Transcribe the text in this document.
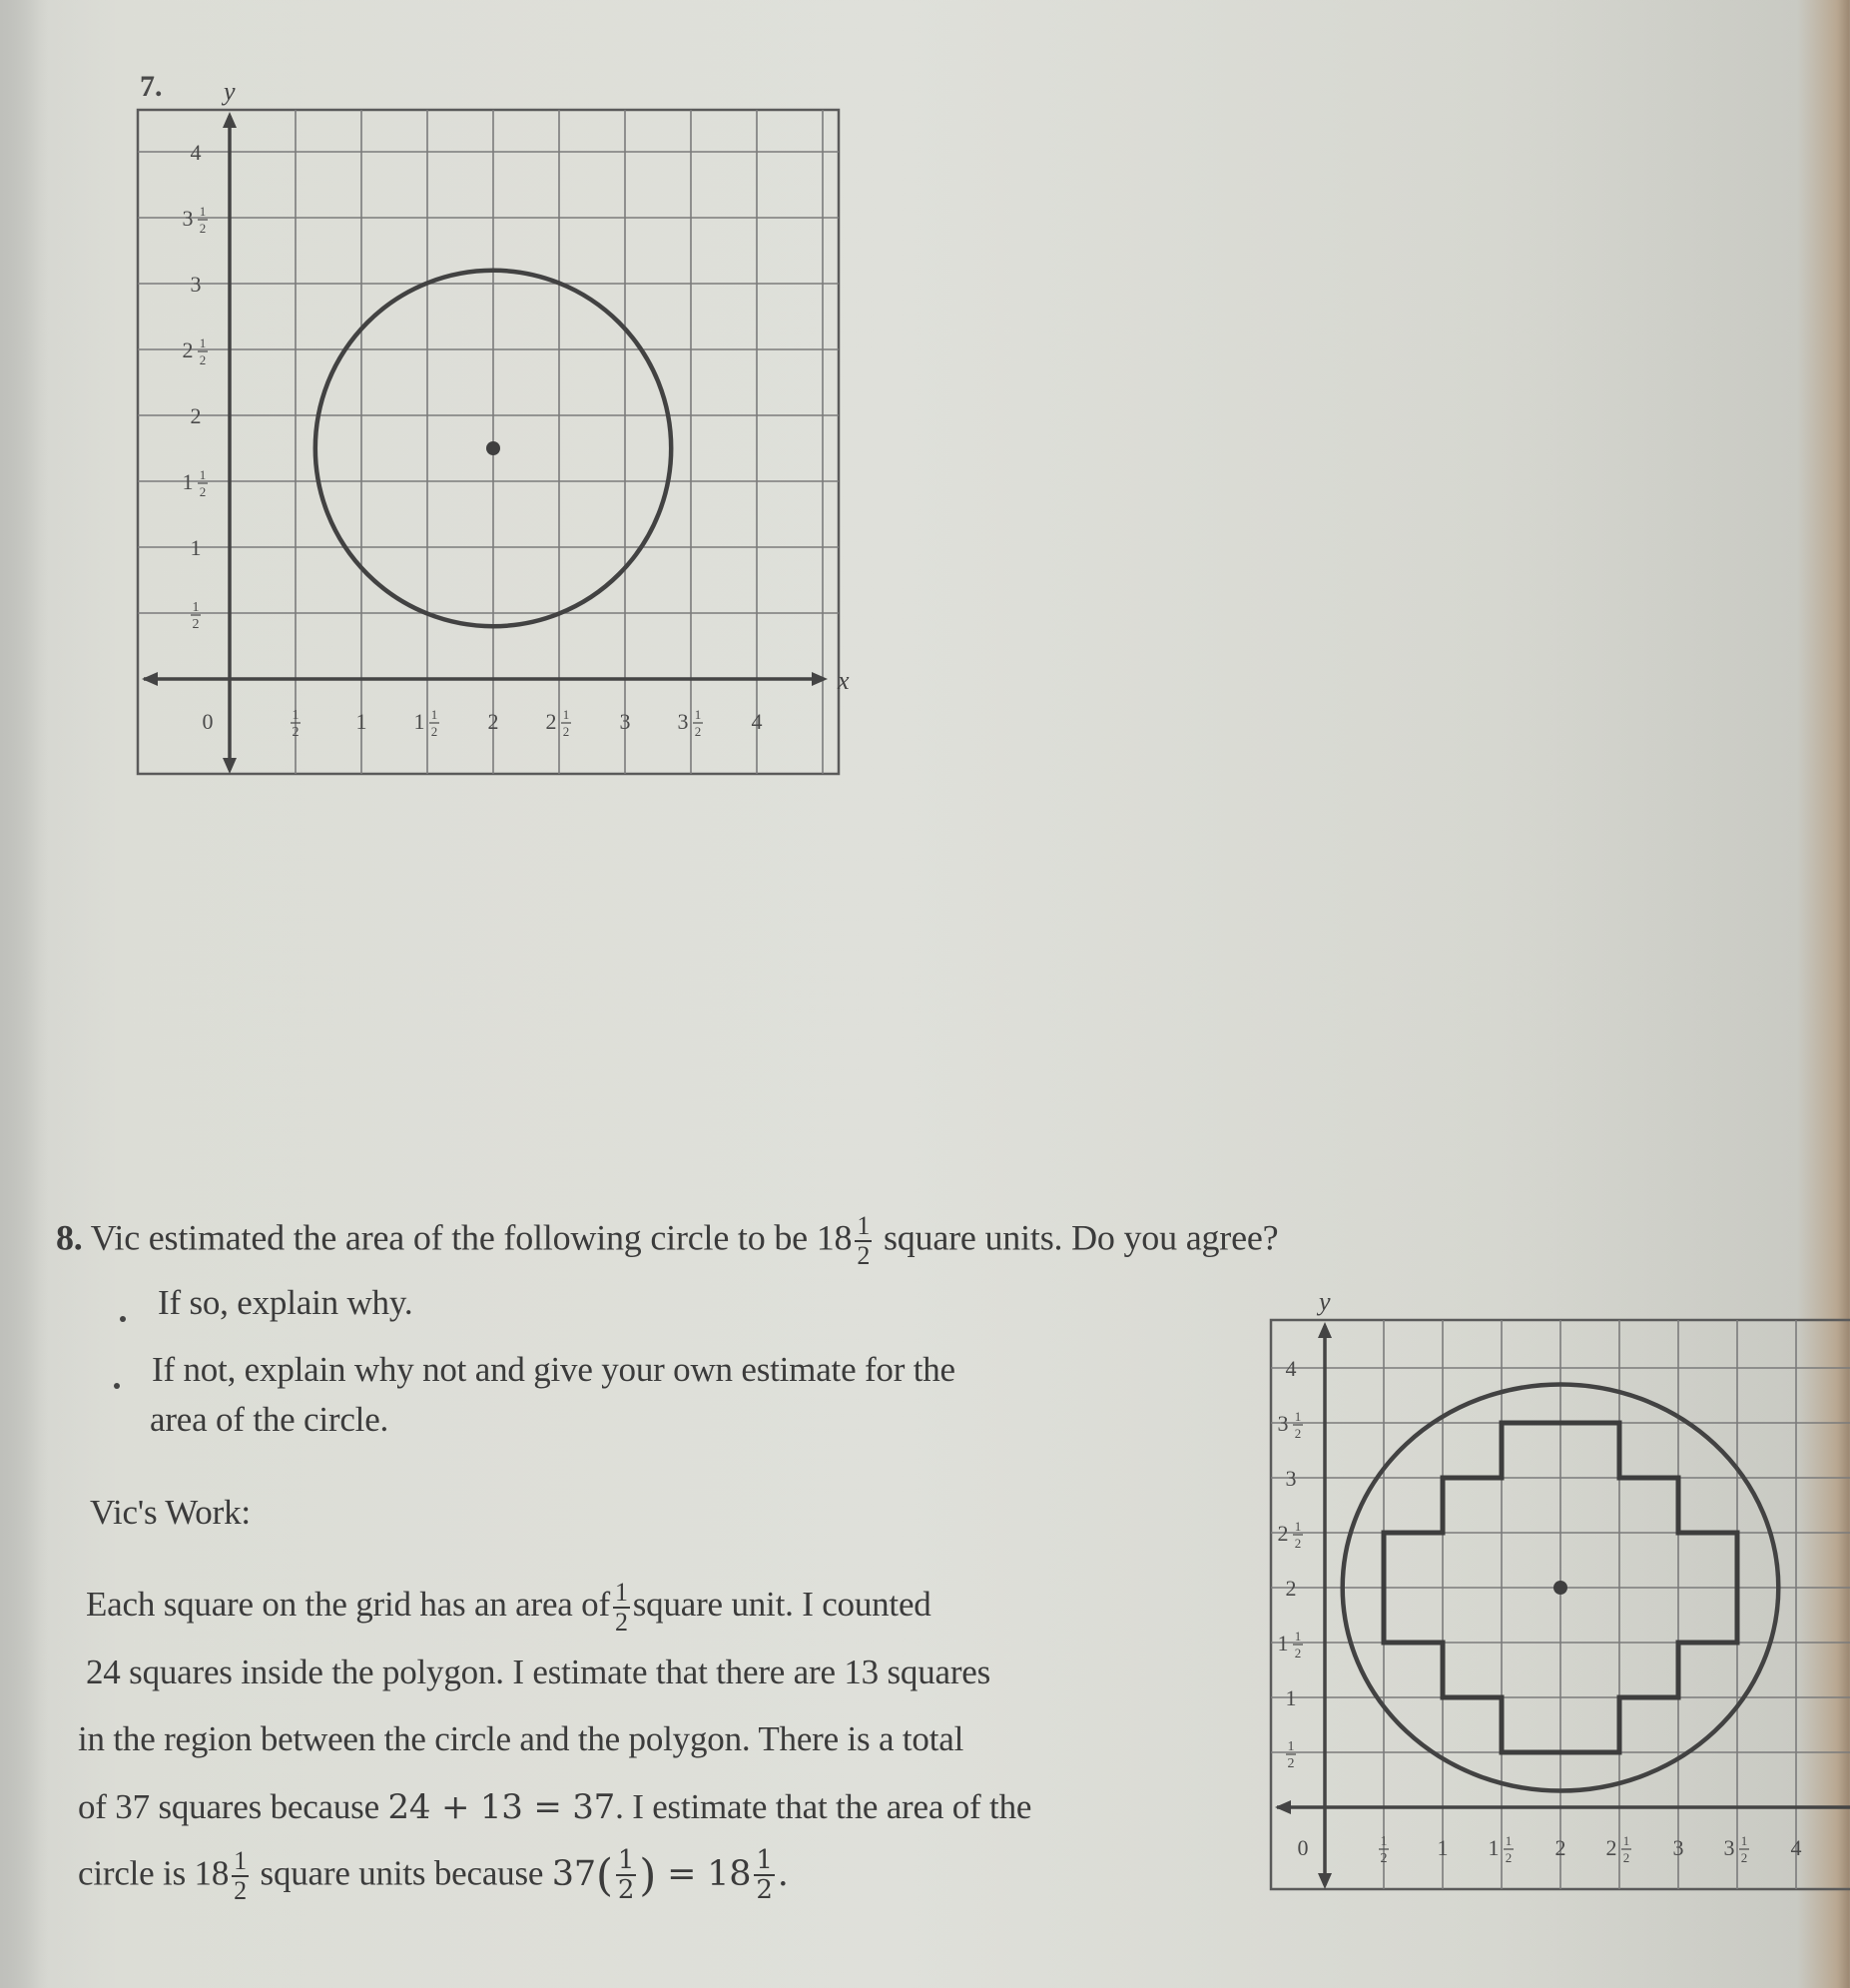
7.
x
y
0	1
2	1 1 1
2 2 2 1
2 3 3 1
2 4
1
2
1
1 1
2
2
2 1
2
3
3 1
2
4
8. Vic estimated the area of the following circle to be $18 \frac{1}{2}$ square units. Do you agree?
If so, explain why.
If not, explain why not and give your own estimate for the
area of the circle.
Vic's Work:
Each square on the grid has an area of $\frac{1}{2}$ square unit. I counted
24 squares inside the polygon. I estimate that there are 13 squares
in the region between the circle and the polygon. There is a total
of 37 squares because 24 + 13 = 37. I estimate that the area of the
circle is $18 \frac{1}{2}$ square units because $37( \frac{1}{2}$ ) = $18 \frac{1}{2}$ .
y
0	1
2 1 1 1
2 2 2 1
2 3 3 1
2 4
1
2
1
1 1
2
2
2 1
2
3
3 1
2
4
